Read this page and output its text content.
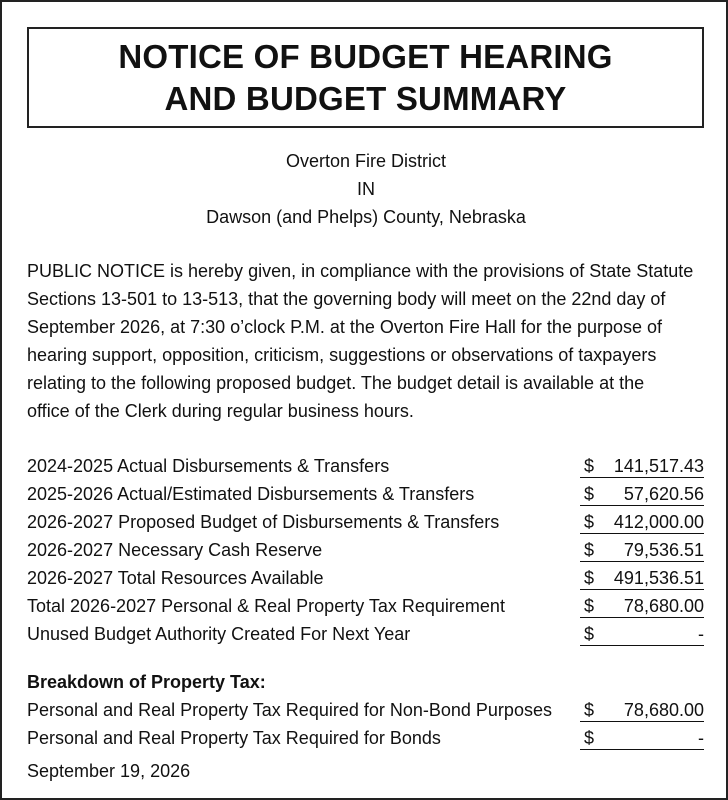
NOTICE OF BUDGET HEARING
AND BUDGET SUMMARY
Overton Fire District
IN
Dawson (and Phelps) County, Nebraska
PUBLIC NOTICE is hereby given, in compliance with the provisions of State Statute
Sections 13-501 to 13-513, that the governing body will meet on the 22nd day of
September 2026, at 7:30 o’clock P.M. at the Overton Fire Hall for the purpose of
hearing support, opposition, criticism, suggestions or observations of taxpayers
relating to the following proposed budget. The budget detail is available at the
office of the Clerk during regular business hours.
2024-2025 Actual Disbursements & Transfers	$ 141,517.43
2025-2026 Actual/Estimated Disbursements & Transfers	$ 57,620.56
2026-2027 Proposed Budget of Disbursements & Transfers	$ 412,000.00
2026-2027 Necessary Cash Reserve	$ 79,536.51
2026-2027 Total Resources Available	$ 491,536.51
Total 2026-2027 Personal & Real Property Tax Requirement	$ 78,680.00
Unused Budget Authority Created For Next Year	$	-
Breakdown of Property Tax:
Personal and Real Property Tax Required for Non-Bond Purposes $ 78,680.00
Personal and Real Property Tax Required for Bonds	$	-
September 19, 2026
